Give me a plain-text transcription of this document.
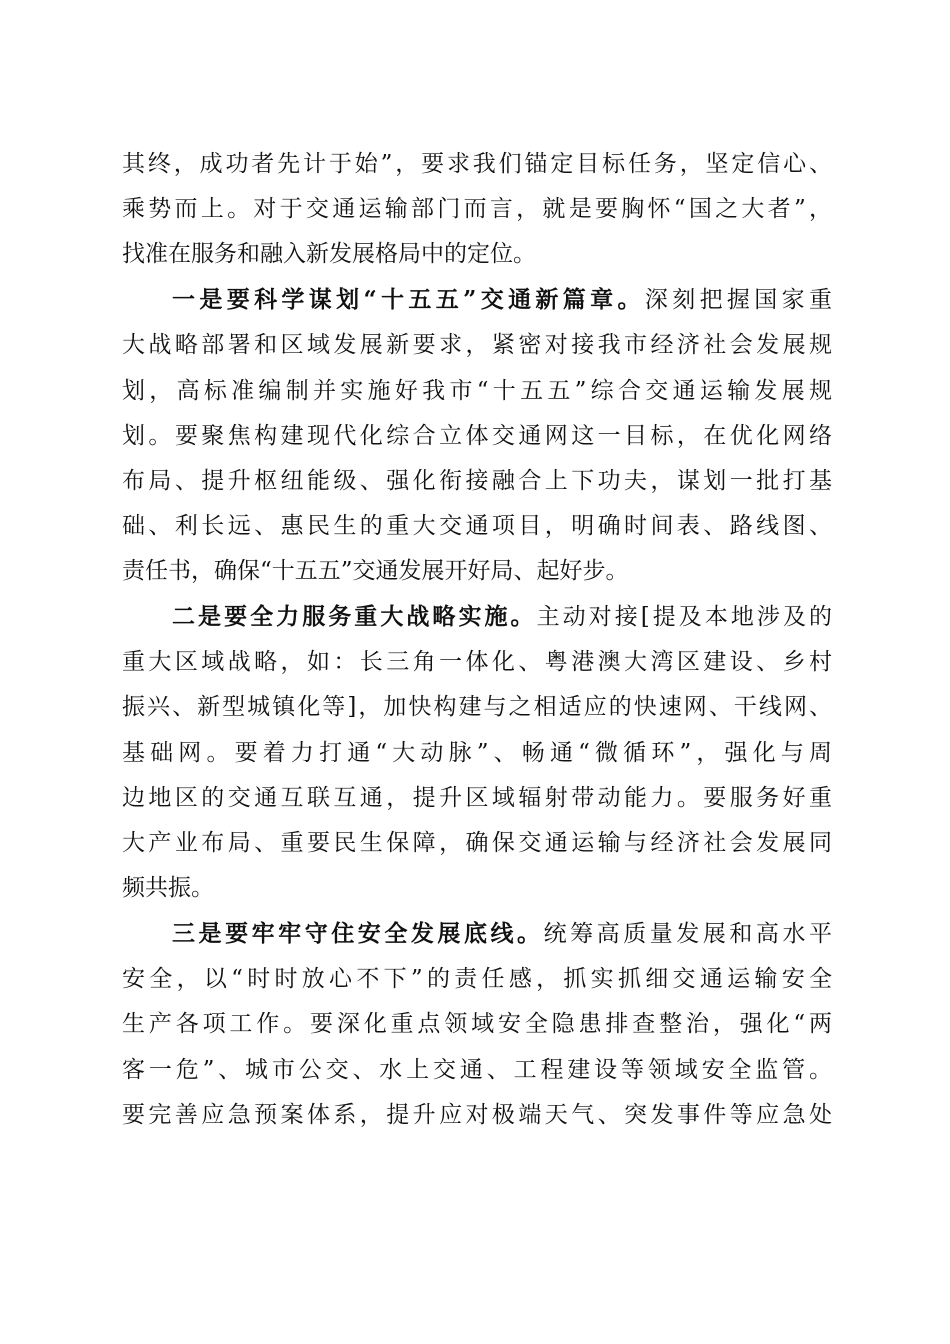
其终，成功者先计于始”，要求我们锚定目标任务，坚定信心、
乘势而上。对于交通运输部门而言，就是要胸怀“国之大者”，
找准在服务和融入新发展格局中的定位。
一是要科学谋划“十五五”交通新篇章。深刻把握国家重
大战略部署和区域发展新要求，紧密对接我市经济社会发展规
划，高标准编制并实施好我市“十五五”综合交通运输发展规
划。要聚焦构建现代化综合立体交通网这一目标，在优化网络
布局、提升枢纽能级、强化衔接融合上下功夫，谋划一批打基
础、利长远、惠民生的重大交通项目，明确时间表、路线图、
责任书，确保“十五五”交通发展开好局、起好步。
二是要全力服务重大战略实施。主动对接[提及本地涉及的
重大区域战略，如：长三角一体化、粤港澳大湾区建设、乡村
振兴、新型城镇化等]，加快构建与之相适应的快速网、干线网、
基础网。要着力打通“大动脉”、畅通“微循环”，强化与周
边地区的交通互联互通，提升区域辐射带动能力。要服务好重
大产业布局、重要民生保障，确保交通运输与经济社会发展同
频共振。
三是要牢牢守住安全发展底线。统筹高质量发展和高水平
安全，以“时时放心不下”的责任感，抓实抓细交通运输安全
生产各项工作。要深化重点领域安全隐患排查整治，强化“两
客一危”、城市公交、水上交通、工程建设等领域安全监管。
要完善应急预案体系，提升应对极端天气、突发事件等应急处
